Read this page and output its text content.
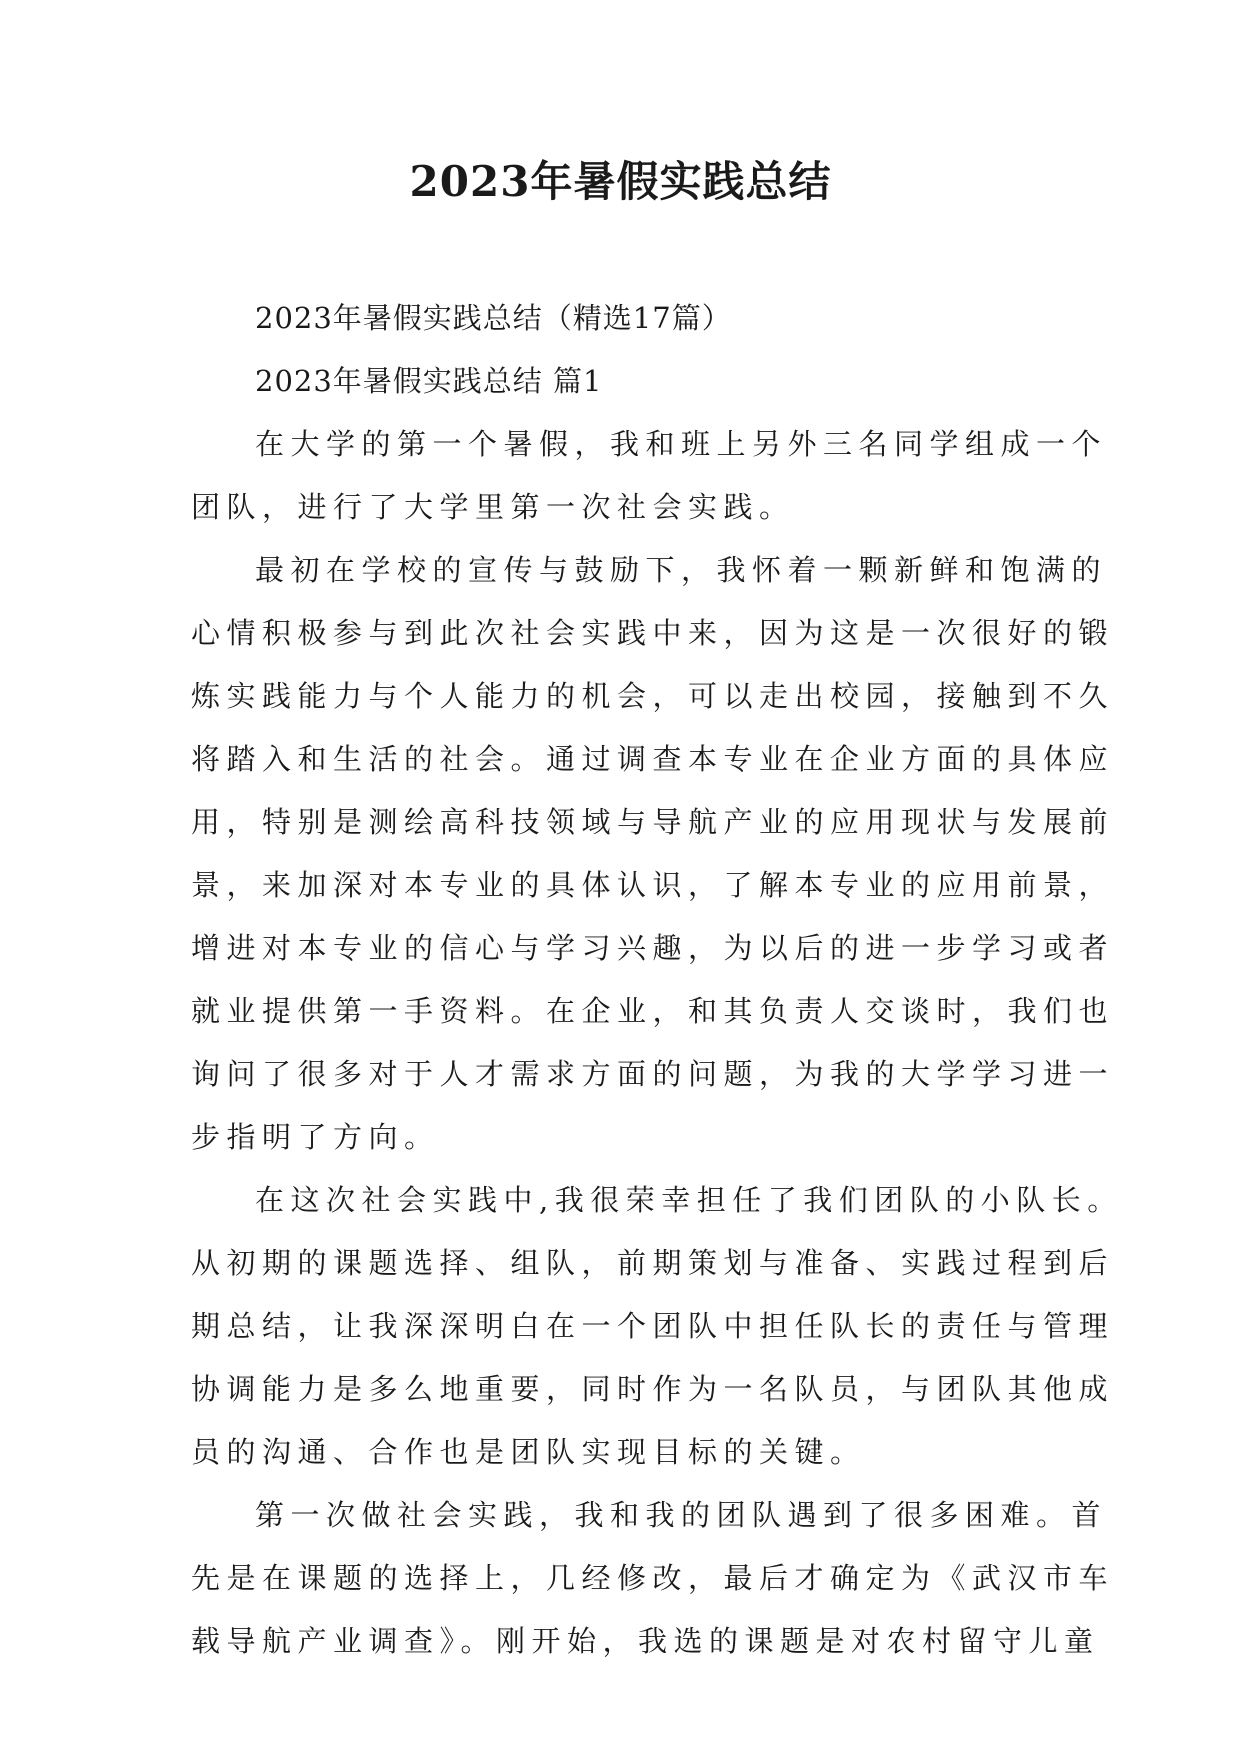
2023年暑假实践总结

2023年暑假实践总结（精选17篇）

2023年暑假实践总结 篇1

在大学的第一个暑假，我和班上另外三名同学组成一个

团队，进行了大学里第一次社会实践。

最初在学校的宣传与鼓励下，我怀着一颗新鲜和饱满的

心情积极参与到此次社会实践中来，因为这是一次很好的锻

炼实践能力与个人能力的机会，可以走出校园，接触到不久

将踏入和生活的社会。通过调查本专业在企业方面的具体应

用，特别是测绘高科技领域与导航产业的应用现状与发展前

景，来加深对本专业的具体认识，了解本专业的应用前景，

增进对本专业的信心与学习兴趣，为以后的进一步学习或者

就业提供第一手资料。在企业，和其负责人交谈时，我们也

询问了很多对于人才需求方面的问题，为我的大学学习进一

步指明了方向。

在这次社会实践中,我很荣幸担任了我们团队的小队长。

从初期的课题选择、组队，前期策划与准备、实践过程到后

期总结，让我深深明白在一个团队中担任队长的责任与管理

协调能力是多么地重要，同时作为一名队员，与团队其他成

员的沟通、合作也是团队实现目标的关键。

第一次做社会实践，我和我的团队遇到了很多困难。首

先是在课题的选择上，几经修改，最后才确定为《武汉市车

载导航产业调查》。刚开始，我选的课题是对农村留守儿童
